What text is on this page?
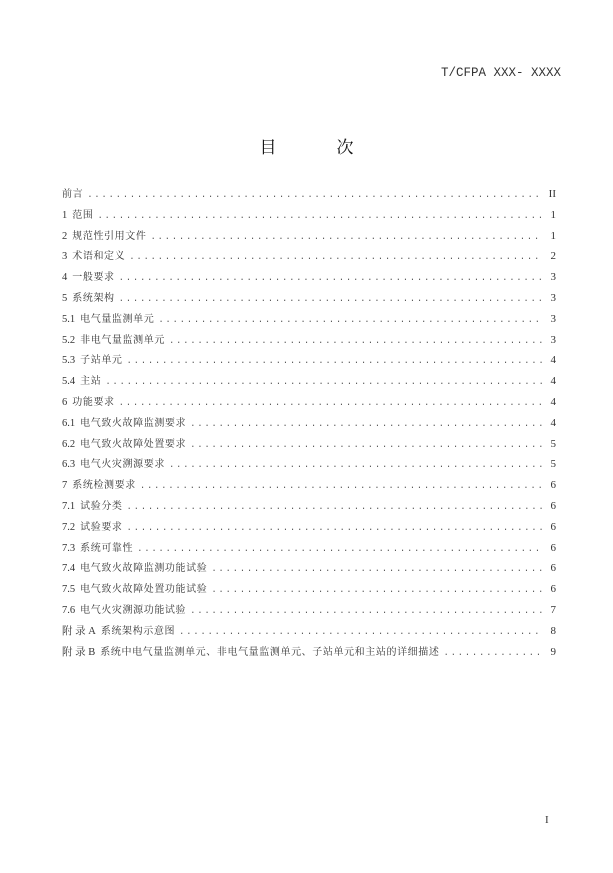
T/CFPA XXX- XXXX
目	次
前言 .....	II
1 范围 .....	1
2 规范性引用文件 .....	1
3 术语和定义 .....	2
4 一般要求 .....	3
5 系统架构 .....	3
5.1 电气量监测单元 .....	3
5.2 非电气量监测单元 .....	3
5.3 子站单元 .....	4
5.4 主站 .....	4
6 功能要求 .....	4
6.1 电气致火故障监测要求 .....	4
6.2 电气致火故障处置要求 .....	5
6.3 电气火灾溯源要求 .....	5
7 系统检测要求 .....	6
7.1 试验分类 .....	6
7.2 试验要求 .....	6
7.3 系统可靠性 .....	6
7.4 电气致火故障监测功能试验 .....	6
7.5 电气致火故障处置功能试验 .....	6
7.6 电气火灾溯源功能试验 .....	7
附 录 A 系统架构示意图 .....	8
附 录 B 系统中电气量监测单元、非电气量监测单元、子站单元和主站的详细描述 .....	9
I
